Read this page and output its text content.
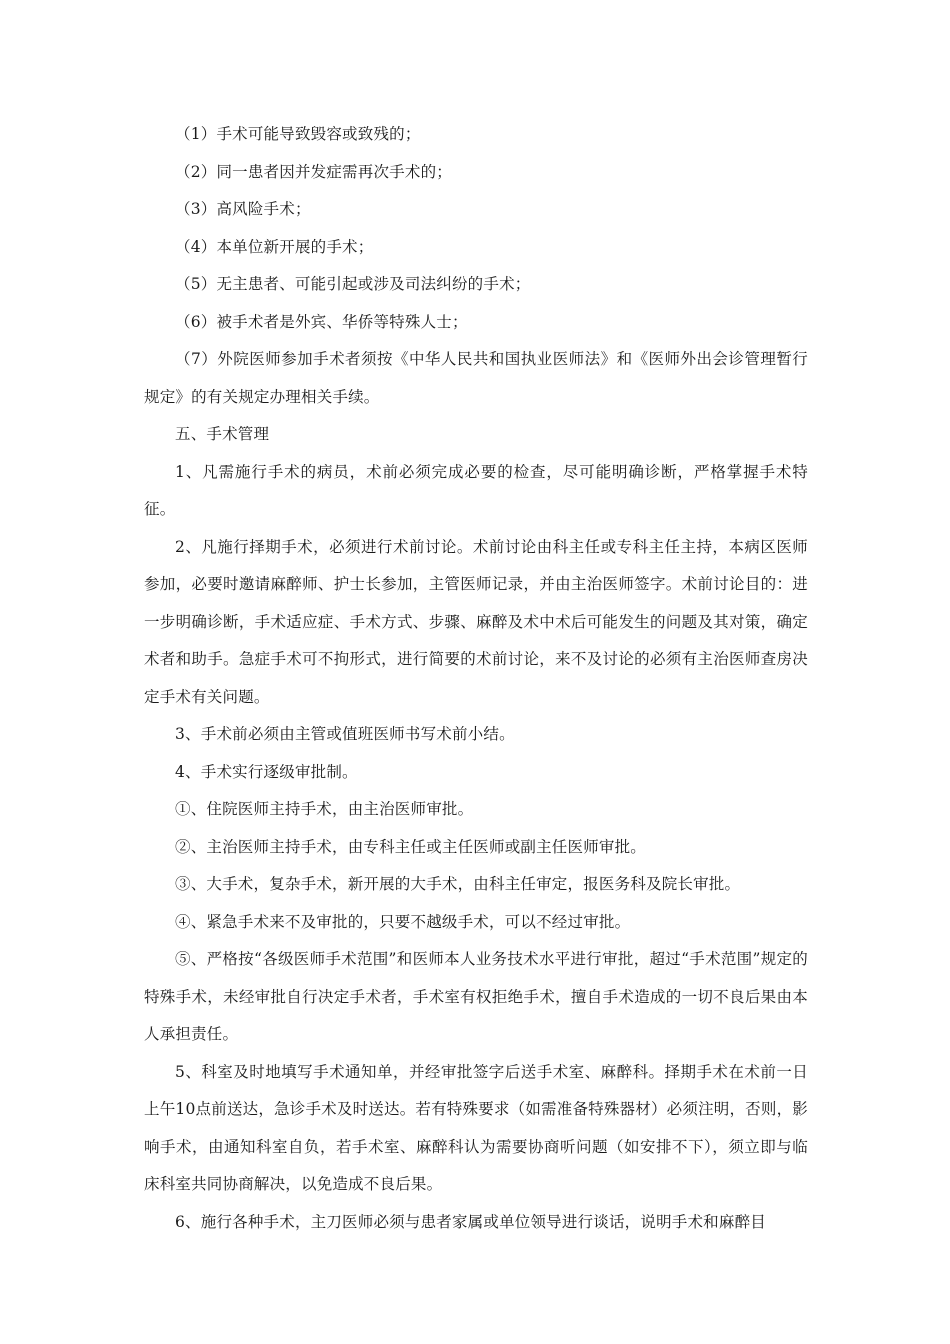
（1）手术可能导致毁容或致残的；

（2）同一患者因并发症需再次手术的；

（3）高风险手术；

（4）本单位新开展的手术；

（5）无主患者、可能引起或涉及司法纠纷的手术；

（6）被手术者是外宾、华侨等特殊人士；

（7）外院医师参加手术者须按《中华人民共和国执业医师法》和《医师外出会诊管理暂行规定》的有关规定办理相关手续。

五、手术管理

1、凡需施行手术的病员，术前必须完成必要的检查，尽可能明确诊断，严格掌握手术特征。

2、凡施行择期手术，必须进行术前讨论。术前讨论由科主任或专科主任主持，本病区医师参加，必要时邀请麻醉师、护士长参加，主管医师记录，并由主治医师签字。术前讨论目的：进一步明确诊断，手术适应症、手术方式、步骤、麻醉及术中术后可能发生的问题及其对策，确定术者和助手。急症手术可不拘形式，进行简要的术前讨论，来不及讨论的必须有主治医师查房决定手术有关问题。

3、手术前必须由主管或值班医师书写术前小结。

4、手术实行逐级审批制。

①、住院医师主持手术，由主治医师审批。

②、主治医师主持手术，由专科主任或主任医师或副主任医师审批。

③、大手术，复杂手术，新开展的大手术，由科主任审定，报医务科及院长审批。

④、紧急手术来不及审批的，只要不越级手术，可以不经过审批。

⑤、严格按“各级医师手术范围”和医师本人业务技术水平进行审批，超过“手术范围”规定的特殊手术，未经审批自行决定手术者，手术室有权拒绝手术，擅自手术造成的一切不良后果由本人承担责任。

5、科室及时地填写手术通知单，并经审批签字后送手术室、麻醉科。择期手术在术前一日上午10点前送达，急诊手术及时送达。若有特殊要求（如需准备特殊器材）必须注明，否则，影响手术，由通知科室自负，若手术室、麻醉科认为需要协商听问题（如安排不下），须立即与临床科室共同协商解决，以免造成不良后果。

6、施行各种手术，主刀医师必须与患者家属或单位领导进行谈话，说明手术和麻醉目
